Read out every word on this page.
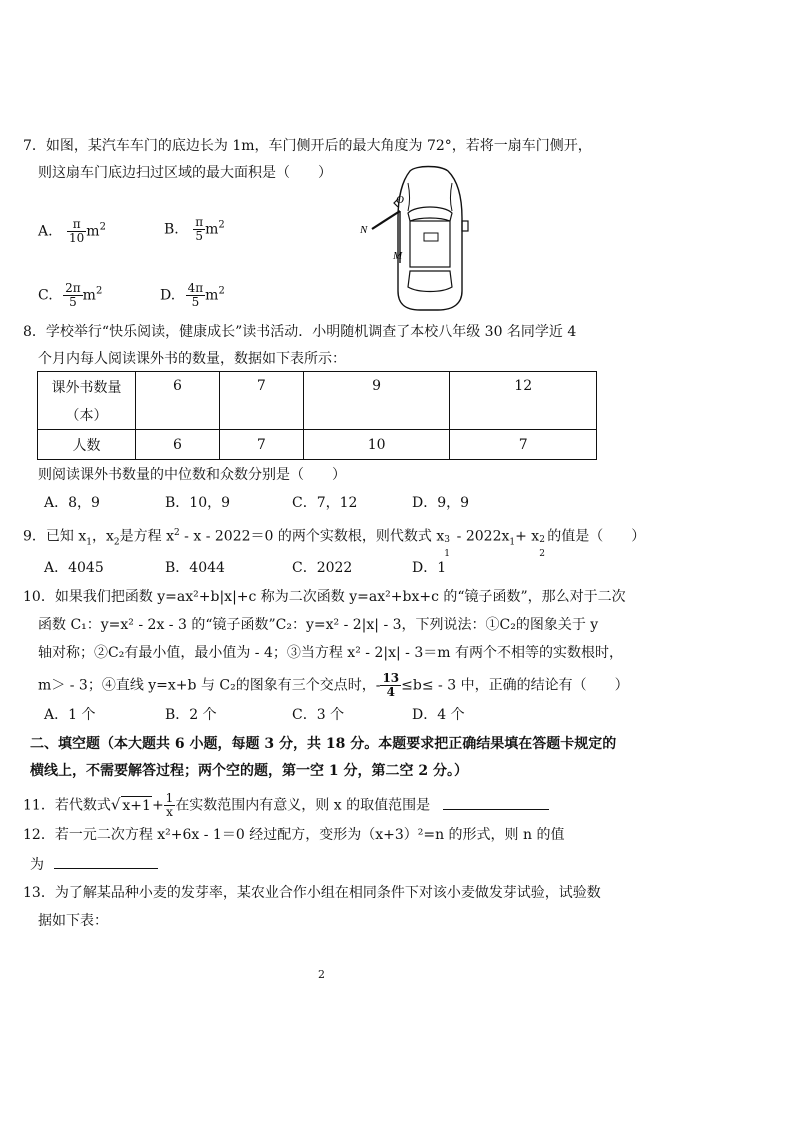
7．如图，某汽车车门的底边长为 1m，车门侧开后的最大角度为 72°，若将一扇车门侧开，
则这扇车门底边扫过区域的最大面积是（　　）
A. $\frac{\pi}{10} m^2$	B. $\frac{\pi}{5} m^2$
C. $\frac{2\pi}{5} m^2$	D. $\frac{4\pi}{5} m^2$
O
N
M
8．学校举行“快乐阅读，健康成长”读书活动．小明随机调查了本校八年级 30 名同学近 4
个月内每人阅读课外书的数量，数据如下表所示：
课外书数量
（本）	6	7	9	12
人数	6	7	10	7
则阅读课外书数量的中位数和众数分别是（　　）
A．8，9	B．10，9	C．7，12	D．9，9
9．已知 $x_1$，$x_2$是方程 $x^2 - x - 2022=0$ 的两个实数根，则代数式 x 3
1
- $2022x_1+ x$ 2
2
的值是（　　）
A．4045	B．4044	C．2022	D．1
10．如果我们把函数 y=ax²+b|x|+c 称为二次函数 y=ax²+bx+c 的“镜子函数”，那么对于二次
函数 C₁：y=x² - 2x - 3 的“镜子函数”C₂：y=x² - 2|x| - 3，下列说法：①C₂的图象关于 y
轴对称；②C₂有最小值，最小值为 - 4；③当方程 x² - 2|x| - 3＝m 有两个不相等的实数根时，
m＞ - 3；④直线 y=x+b 与 C₂的图象有三个交点时，- $\frac{13}{4} \le b\le - 3$ 中，正确的结论有（　　）
A．1 个	B．2 个	C．3 个	D．4 个
二、填空题（本大题共 6 小题，每题 3 分，共 18 分。本题要求把正确结果填在答题卡规定的
横线上，不需要解答过程；两个空的题，第一空 1 分，第二空 2 分。）
11．若代数式√ $x+1+ \frac{1}{x}$ 在实数范围内有意义，则 x 的取值范围是
12．若一元二次方程 x²+6x - 1＝0 经过配方，变形为（x+3）²=n 的形式，则 n 的值
为
13．为了解某品种小麦的发芽率，某农业合作小组在相同条件下对该小麦做发芽试验，试验数
据如下表：
2
